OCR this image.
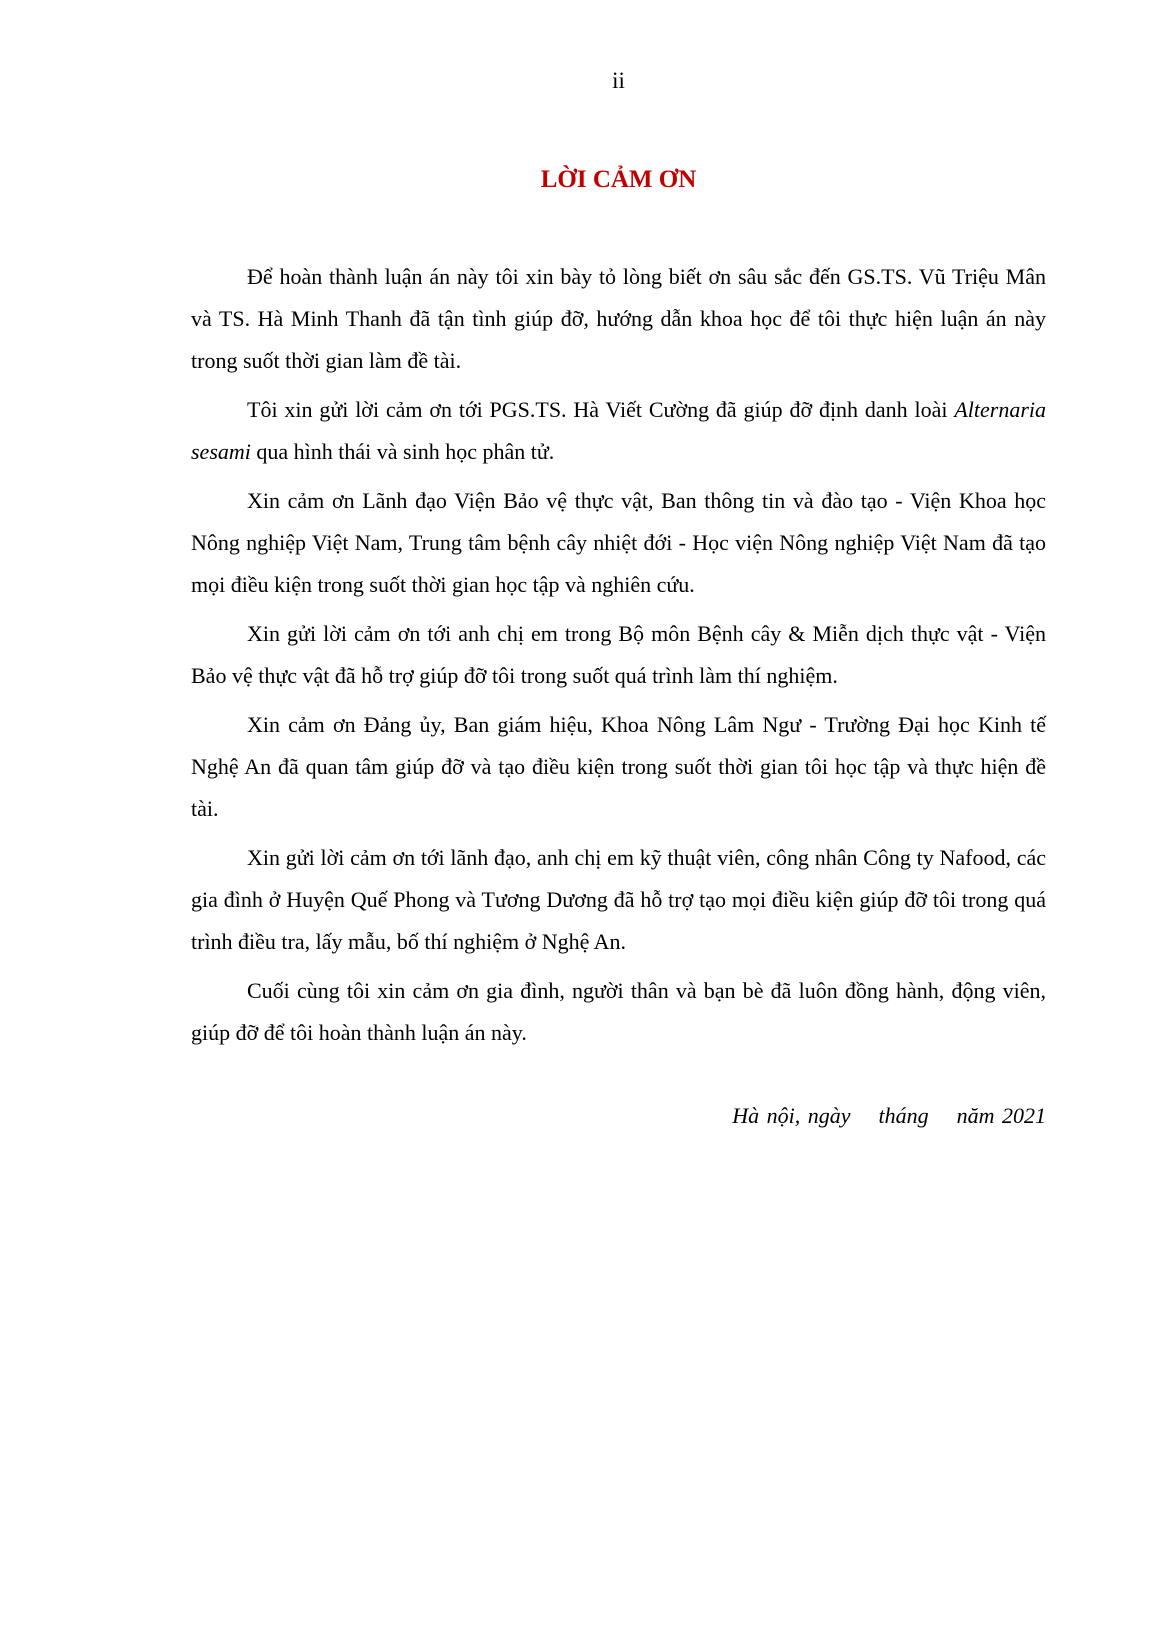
ii
LỜI CẢM ƠN

Để hoàn thành luận án này tôi xin bày tỏ lòng biết ơn sâu sắc đến GS.TS. Vũ Triệu Mân và TS. Hà Minh Thanh đã tận tình giúp đỡ, hướng dẫn khoa học để tôi thực hiện luận án này trong suốt thời gian làm đề tài.

Tôi xin gửi lời cảm ơn tới PGS.TS. Hà Viết Cường đã giúp đỡ định danh loài Alternaria sesami qua hình thái và sinh học phân tử.

Xin cảm ơn Lãnh đạo Viện Bảo vệ thực vật, Ban thông tin và đào tạo - Viện Khoa học Nông nghiệp Việt Nam, Trung tâm bệnh cây nhiệt đới - Học viện Nông nghiệp Việt Nam đã tạo mọi điều kiện trong suốt thời gian học tập và nghiên cứu.

Xin gửi lời cảm ơn tới anh chị em trong Bộ môn Bệnh cây & Miễn dịch thực vật - Viện Bảo vệ thực vật đã hỗ trợ giúp đỡ tôi trong suốt quá trình làm thí nghiệm.

Xin cảm ơn Đảng ủy, Ban giám hiệu, Khoa Nông Lâm Ngư - Trường Đại học Kinh tế Nghệ An đã quan tâm giúp đỡ và tạo điều kiện trong suốt thời gian tôi học tập và thực hiện đề tài.

Xin gửi lời cảm ơn tới lãnh đạo, anh chị em kỹ thuật viên, công nhân Công ty Nafood, các gia đình ở Huyện Quế Phong và Tương Dương đã hỗ trợ tạo mọi điều kiện giúp đỡ tôi trong quá trình điều tra, lấy mẫu, bố thí nghiệm ở Nghệ An.

Cuối cùng tôi xin cảm ơn gia đình, người thân và bạn bè đã luôn đồng hành, động viên, giúp đỡ để tôi hoàn thành luận án này.

Hà nội, ngày tháng năm 2021
